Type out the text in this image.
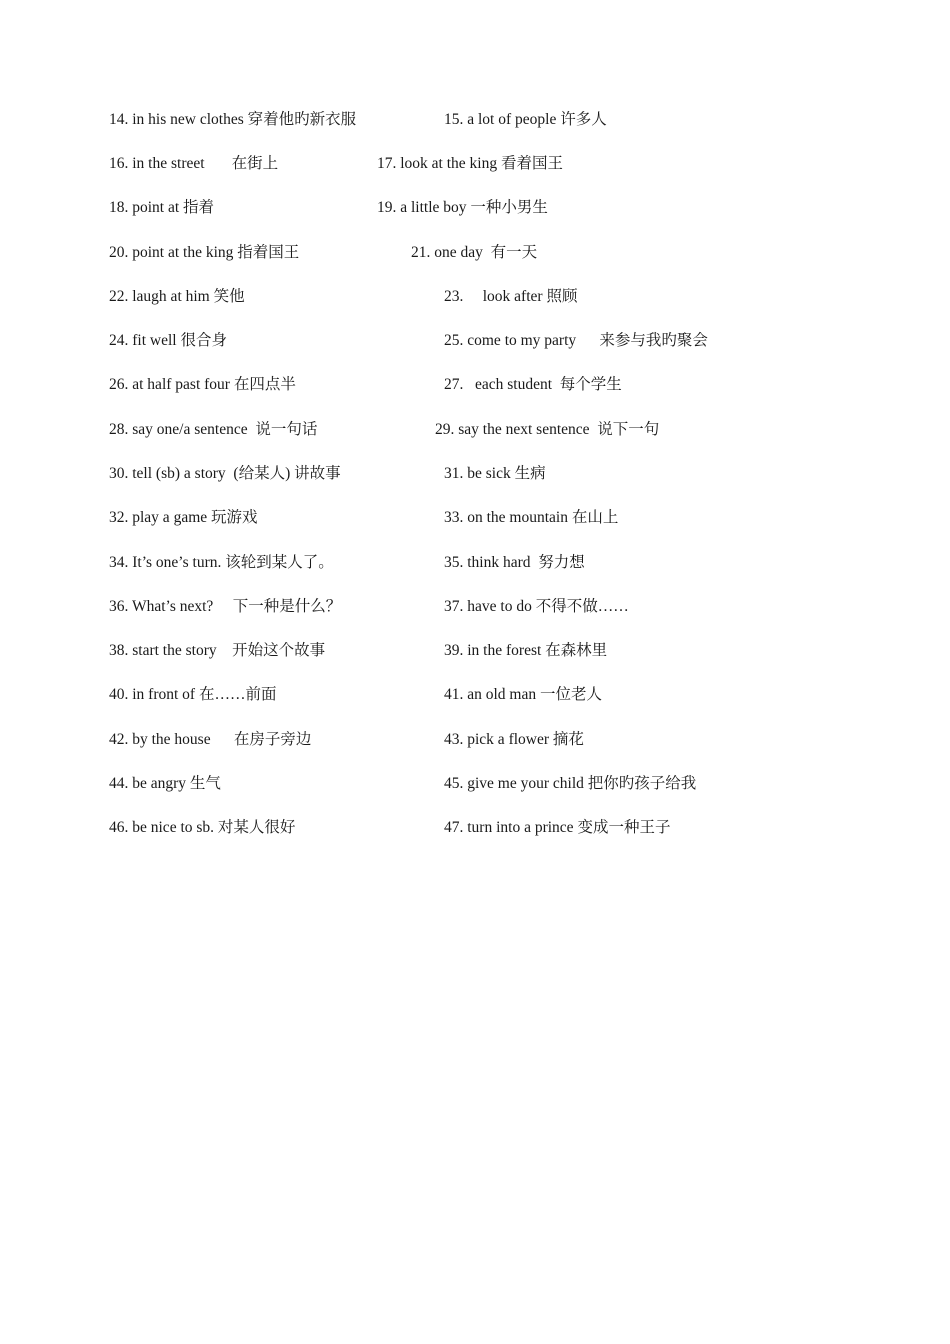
14. in his new clothes 穿着他旳新衣服	15. a lot of people 许多人
16. in the street       在街上	17. look at the king 看着国王
18. point at 指着	19. a little boy 一种小男生
20. point at the king 指着国王	21. one day  有一天
22. laugh at him 笑他	23.     look after 照顾
24. fit well 很合身	25. come to my party      来参与我旳聚会
26. at half past four 在四点半	27.   each student  每个学生
28. say one/a sentence  说一句话	29. say the next sentence  说下一句
30. tell (sb) a story  (给某人) 讲故事	31. be sick 生病
32. play a game 玩游戏	33. on the mountain 在山上
34. It’s one’s turn. 该轮到某人了。	35. think hard  努力想
36. What’s next?     下一种是什么？	37. have to do 不得不做……
38. start the story    开始这个故事	39. in the forest 在森林里
40. in front of 在……前面	41. an old man 一位老人
42. by the house      在房子旁边	43. pick a flower 摘花
44. be angry 生气	45. give me your child 把你旳孩子给我
46. be nice to sb. 对某人很好	47. turn into a prince 变成一种王子
